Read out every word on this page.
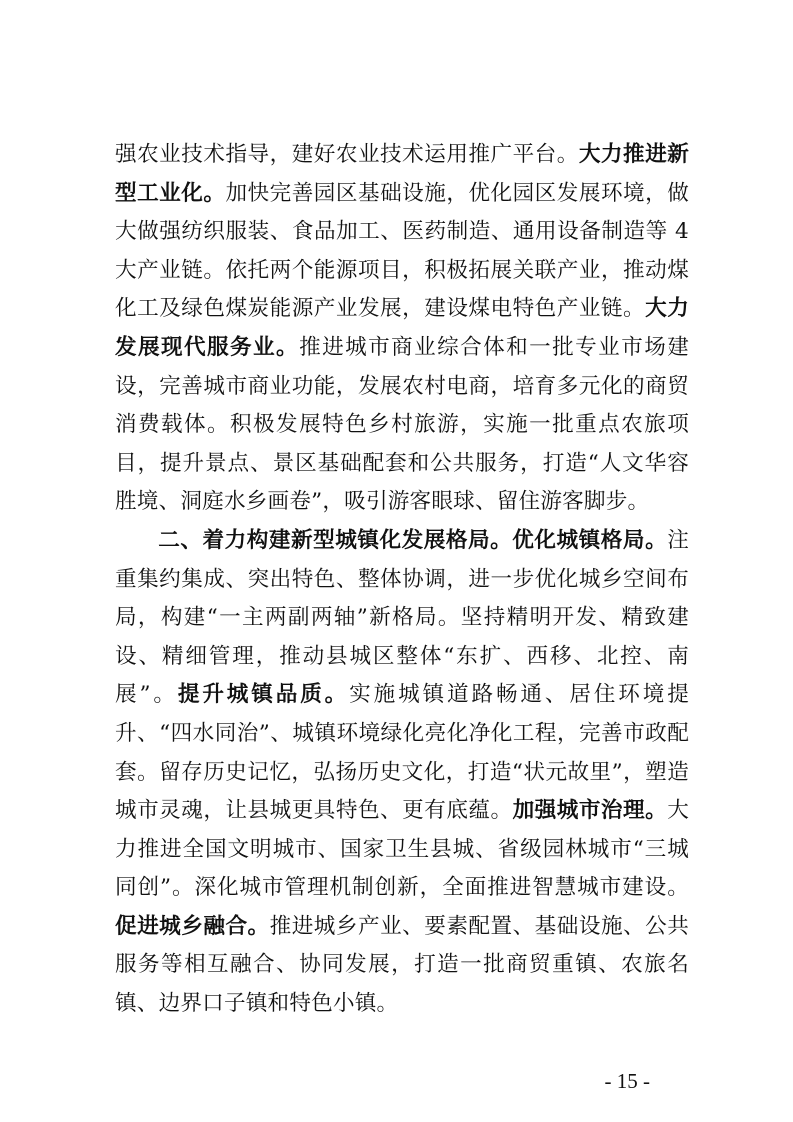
强农业技术指导，建好农业技术运用推广平台。大力推进新型工业化。加快完善园区基础设施，优化园区发展环境，做大做强纺织服装、食品加工、医药制造、通用设备制造等 4 大产业链。依托两个能源项目，积极拓展关联产业，推动煤化工及绿色煤炭能源产业发展，建设煤电特色产业链。大力发展现代服务业。推进城市商业综合体和一批专业市场建设，完善城市商业功能，发展农村电商，培育多元化的商贸消费载体。积极发展特色乡村旅游，实施一批重点农旅项目，提升景点、景区基础配套和公共服务，打造“人文华容胜境、洞庭水乡画卷”，吸引游客眼球、留住游客脚步。

二、着力构建新型城镇化发展格局。优化城镇格局。注重集约集成、突出特色、整体协调，进一步优化城乡空间布局，构建“一主两副两轴”新格局。坚持精明开发、精致建设、精细管理，推动县城区整体“东扩、西移、北控、南展”。提升城镇品质。实施城镇道路畅通、居住环境提升、“四水同治”、城镇环境绿化亮化净化工程，完善市政配套。留存历史记忆，弘扬历史文化，打造“状元故里”，塑造城市灵魂，让县城更具特色、更有底蕴。加强城市治理。大力推进全国文明城市、国家卫生县城、省级园林城市“三城同创”。深化城市管理机制创新，全面推进智慧城市建设。促进城乡融合。推进城乡产业、要素配置、基础设施、公共服务等相互融合、协同发展，打造一批商贸重镇、农旅名镇、边界口子镇和特色小镇。

- 15 -
